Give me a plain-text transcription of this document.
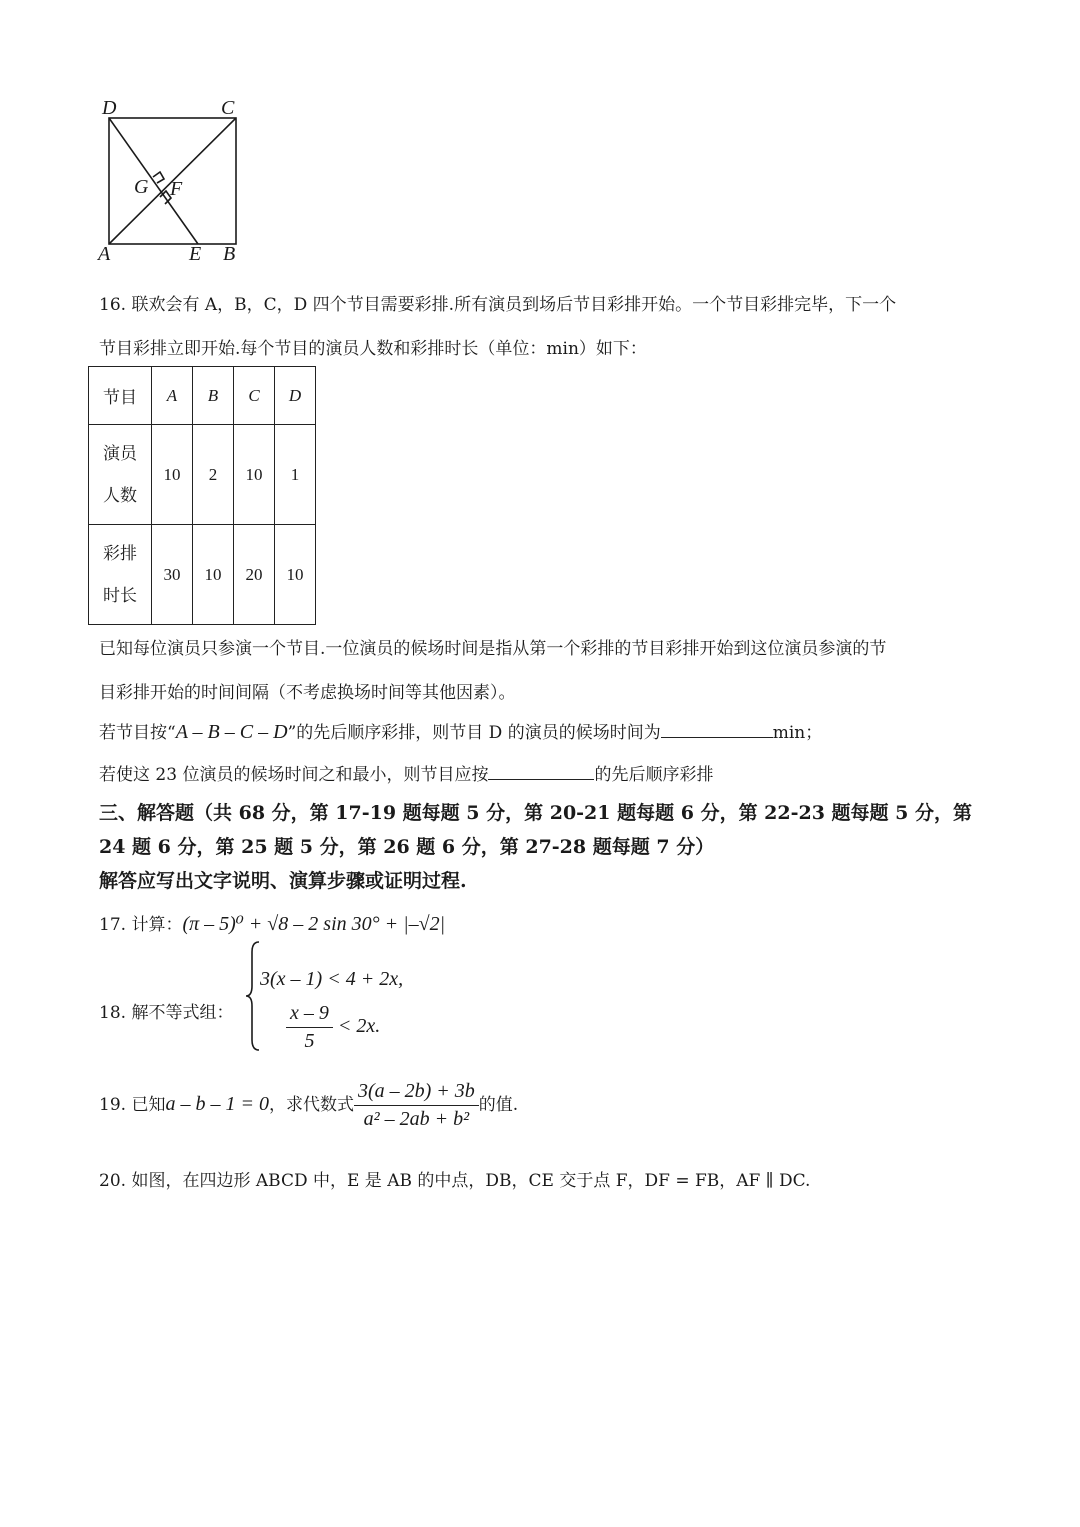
D	C
G F
A	E B
16. 联欢会有 A，B，C，D 四个节目需要彩排.所有演员到场后节目彩排开始。一个节目彩排完毕，下一个
节目彩排立即开始.每个节目的演员人数和彩排时长（单位：min）如下：
节目	A	B	C	D
演员
人数	10	2	10	1
彩排
时长	30	10	20	10
已知每位演员只参演一个节目.一位演员的候场时间是指从第一个彩排的节目彩排开始到这位演员参演的节
目彩排开始的时间间隔（不考虑换场时间等其他因素）。
若节目按“A – B – C – D”的先后顺序彩排，则节目 D 的演员的候场时间为	min；
若使这 23 位演员的候场时间之和最小，则节目应按	的先后顺序彩排
三、解答题（共 68 分，第 17-19 题每题 5 分，第 20-21 题每题 6 分，第 22-23 题每题 5 分，第
24 题 6 分，第 25 题 5 分，第 26 题 6 分，第 27-28 题每题 7 分）
解答应写出文字说明、演算步骤或证明过程.
17. 计算：(π – 5)⁰ + √8 – 2 sin 30° + |–√2|
18. 解不等式组：
3(x – 1) < 4 + 2x,
$\frac{x - 9}{5} < 2x$.
19. 已知a – b – 1 = 0，求代数式 $\frac{3(a - 2b) + 3b}{\text{a² – 2ab + b²}}$ 的值.
20. 如图，在四边形 ABCD 中，E 是 AB 的中点，DB，CE 交于点 F，DF = FB，AF ∥ DC.
